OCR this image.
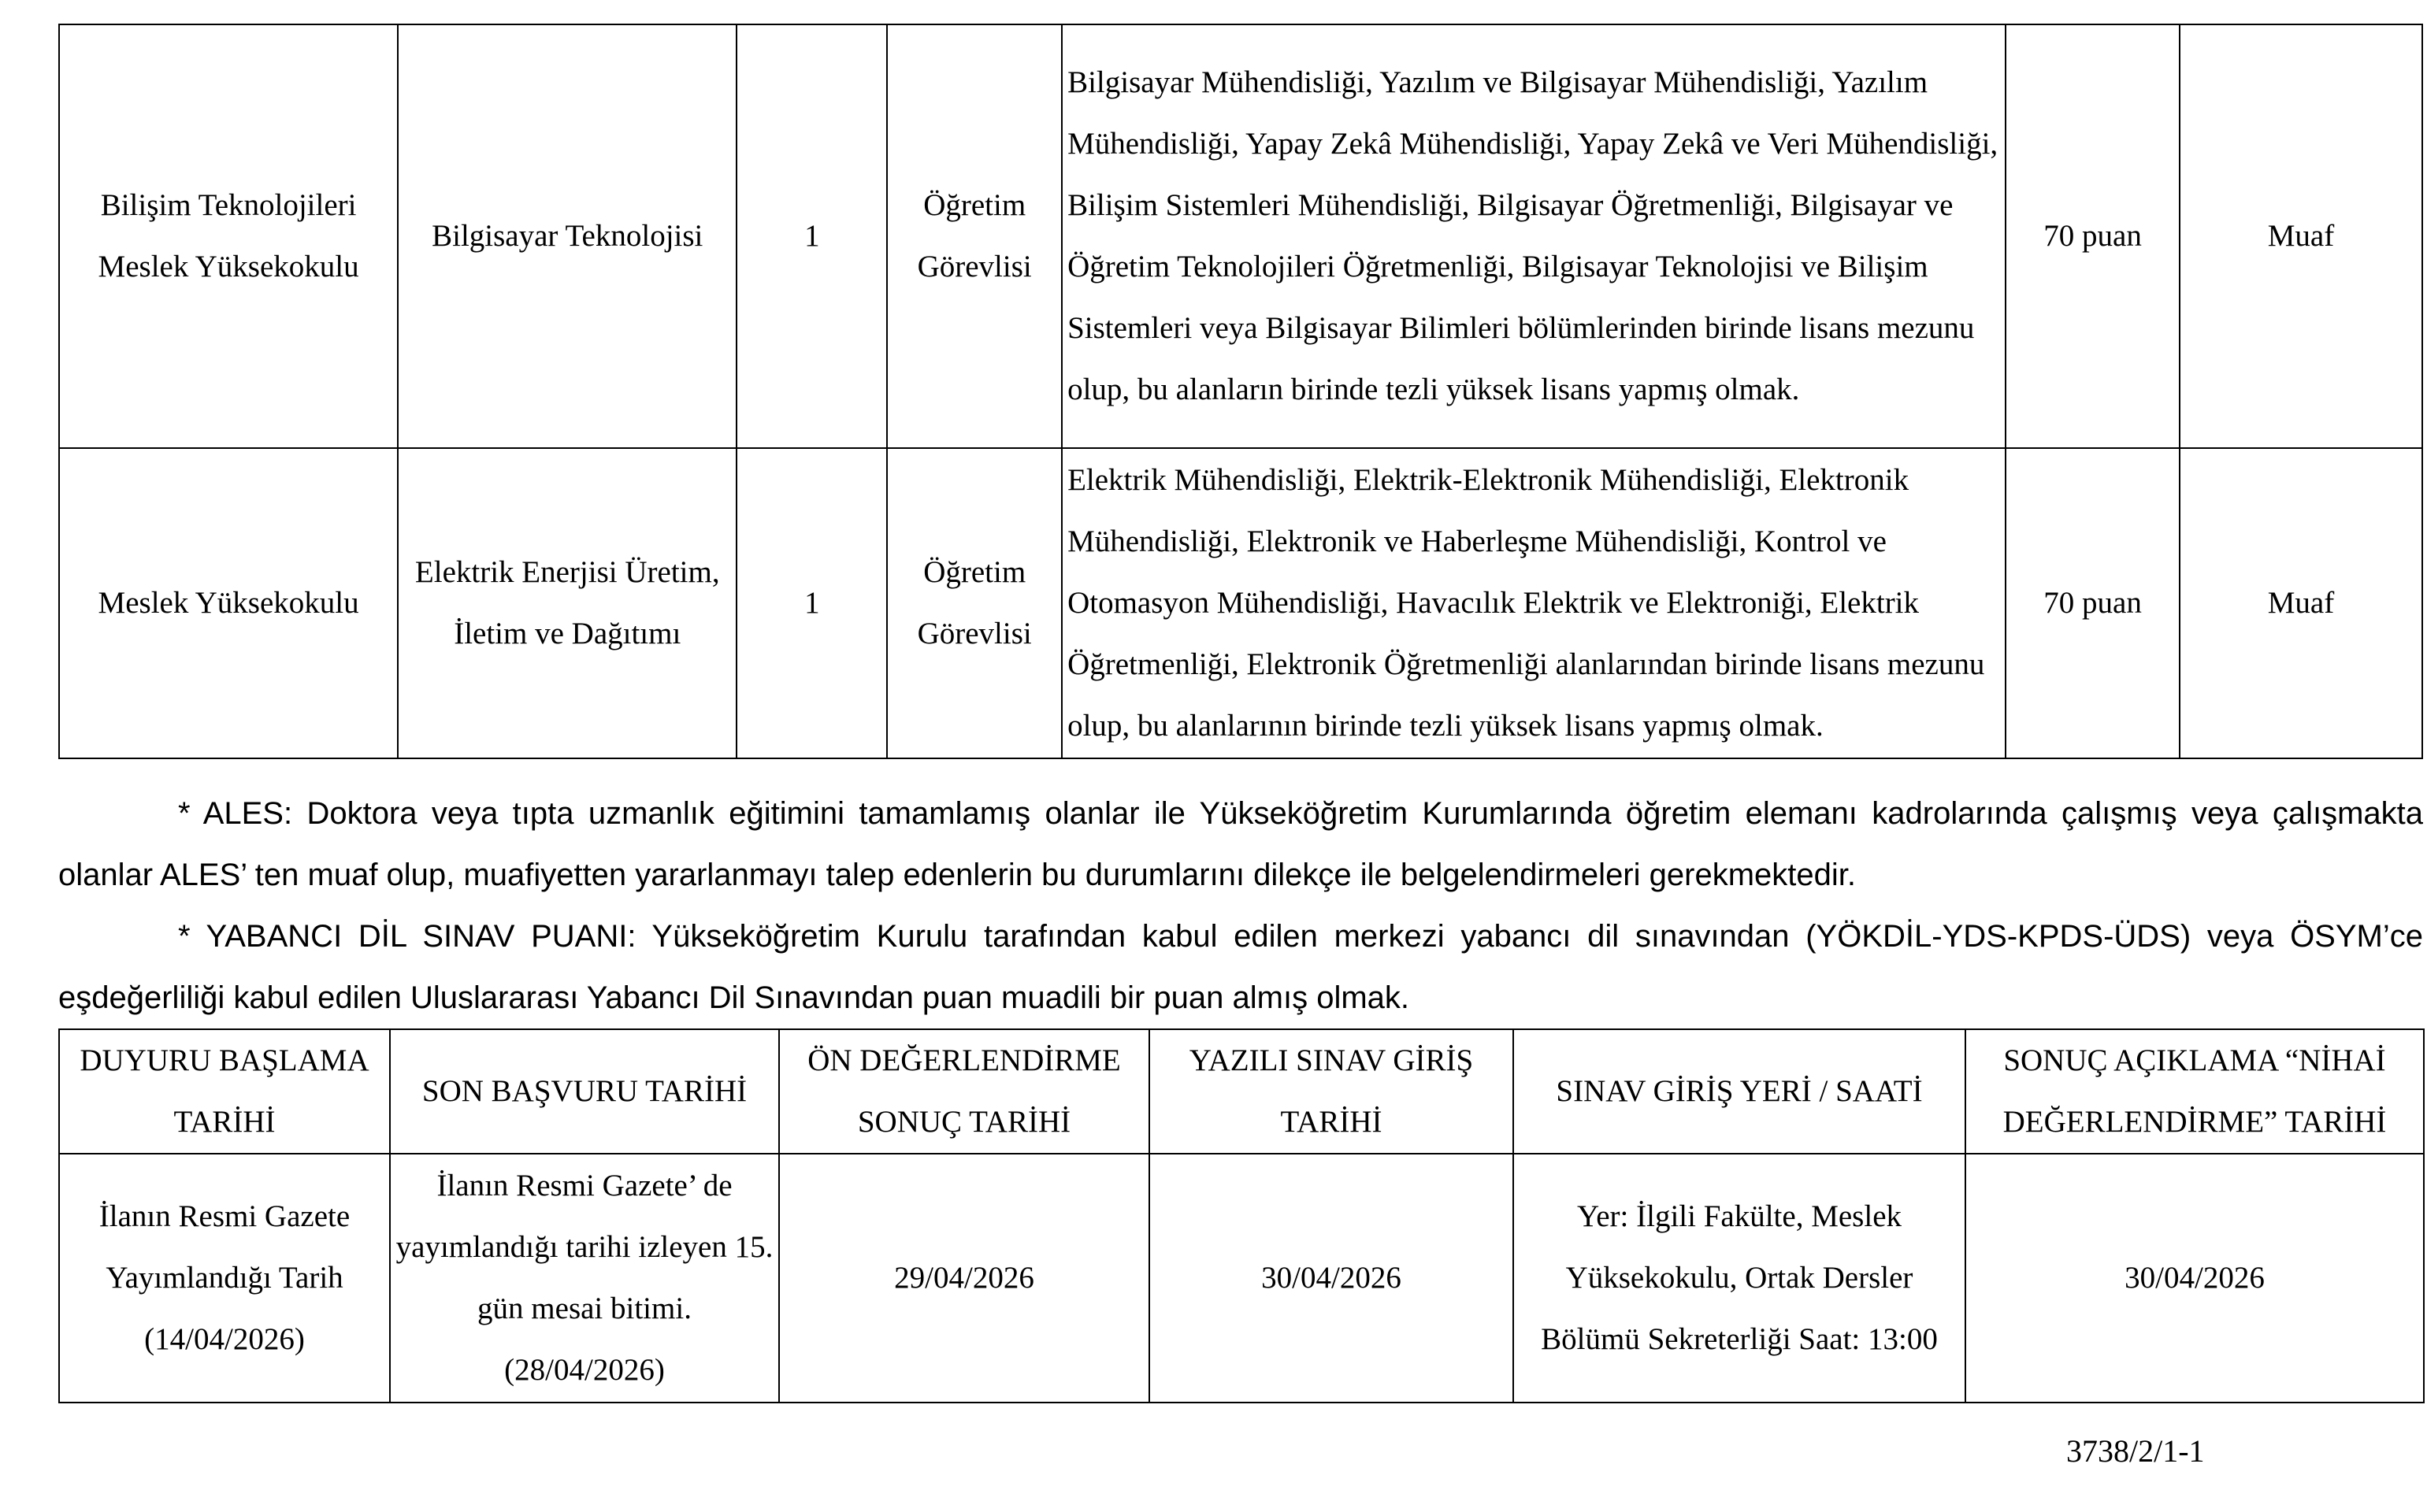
Bilişim Teknolojileri Meslek Yüksekokulu	Bilgisayar Teknolojisi	1	Öğretim Görevlisi	Bilgisayar Mühendisliği, Yazılım ve Bilgisayar Mühendisliği, Yazılım Mühendisliği, Yapay Zekâ Mühendisliği, Yapay Zekâ ve Veri Mühendisliği, Bilişim Sistemleri Mühendisliği, Bilgisayar Öğretmenliği, Bilgisayar ve Öğretim Teknolojileri Öğretmenliği, Bilgisayar Teknolojisi ve Bilişim Sistemleri veya Bilgisayar Bilimleri bölümlerinden birinde lisans mezunu olup, bu alanların birinde tezli yüksek lisans yapmış olmak.	70 puan	Muaf
Meslek Yüksekokulu	Elektrik Enerjisi Üretim, İletim ve Dağıtımı	1	Öğretim Görevlisi	Elektrik Mühendisliği, Elektrik-Elektronik Mühendisliği, Elektronik Mühendisliği, Elektronik ve Haberleşme Mühendisliği, Kontrol ve Otomasyon Mühendisliği, Havacılık Elektrik ve Elektroniği, Elektrik Öğretmenliği, Elektronik Öğretmenliği alanlarından birinde lisans mezunu olup, bu alanlarının birinde tezli yüksek lisans yapmış olmak.	70 puan	Muaf

* ALES: Doktora veya tıpta uzmanlık eğitimini tamamlamış olanlar ile Yükseköğretim Kurumlarında öğretim elemanı kadrolarında çalışmış veya çalışmakta olanlar ALES’ ten muaf olup, muafiyetten yararlanmayı talep edenlerin bu durumlarını dilekçe ile belgelendirmeleri gerekmektedir.

* YABANCI DİL SINAV PUANI: Yükseköğretim Kurulu tarafından kabul edilen merkezi yabancı dil sınavından (YÖKDİL-YDS-KPDS-ÜDS) veya ÖSYM’ce eşdeğerliliği kabul edilen Uluslararası Yabancı Dil Sınavından puan muadili bir puan almış olmak.

DUYURU BAŞLAMA TARİHİ	SON BAŞVURU TARİHİ	ÖN DEĞERLENDİRME SONUÇ TARİHİ	YAZILI SINAV GİRİŞ TARİHİ	SINAV GİRİŞ YERİ / SAATİ	SONUÇ AÇIKLAMA “NİHAİ DEĞERLENDİRME” TARİHİ
İlanın Resmi Gazete Yayımlandığı Tarih (14/04/2026)	İlanın Resmi Gazete’ de yayımlandığı tarihi izleyen 15. gün mesai bitimi. (28/04/2026)	29/04/2026	30/04/2026	Yer: İlgili Fakülte, Meslek Yüksekokulu, Ortak Dersler Bölümü Sekreterliği Saat: 13:00	30/04/2026
3738/2/1-1
